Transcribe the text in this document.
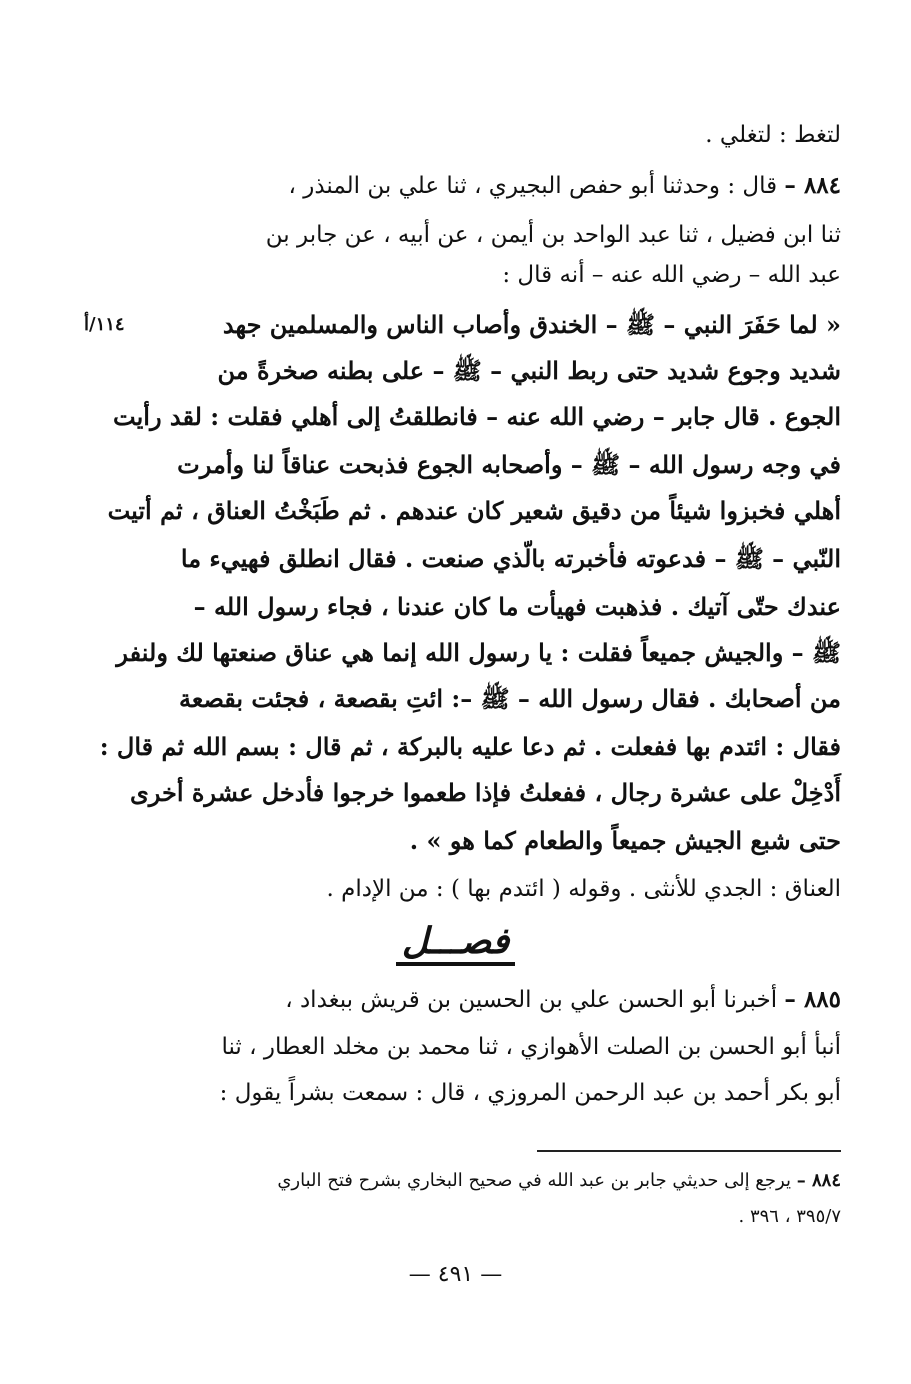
لتغط : لتغلي .
٨٨٤ – قال : وحدثنا أبو حفص البجيري ، ثنا علي بن المنذر ،
ثنا ابن فضيل ، ثنا عبد الواحد بن أيمن ، عن أبيه ، عن جابر بن
عبد الله – رضي الله عنه – أنه قال :
١١٤/أ	« لما حَفَرَ النبي – ﷺ – الخندق وأصاب الناس والمسلمين جهد
شديد وجوع شديد حتى ربط النبي – ﷺ – على بطنه صخرةً من
الجوع . قال جابر – رضي الله عنه – فانطلقتُ إلى أهلي فقلت : لقد رأيت
في وجه رسول الله – ﷺ – وأصحابه الجوع فذبحت عناقاً لنا وأمرت
أهلي فخبزوا شيئاً من دقيق شعير كان عندهم . ثم طَبَخْتُ العناق ، ثم أتيت
النّبي – ﷺ – فدعوته فأخبرته بالّذي صنعت . فقال انطلق فهييء ما
عندك حتّى آتيك . فذهبت فهيأت ما كان عندنا ، فجاء رسول الله –
ﷺ – والجيش جميعاً فقلت : يا رسول الله إنما هي عناق صنعتها لك ولنفر
من أصحابك . فقال رسول الله – ﷺ –: ائتِ بقصعة ، فجئت بقصعة
فقال : ائتدم بها ففعلت . ثم دعا عليه بالبركة ، ثم قال : بسم الله ثم قال :
أَدْخِلْ على عشرة رجال ، ففعلتُ فإذا طعموا خرجوا فأدخل عشرة أخرى
حتى شبع الجيش جميعاً والطعام كما هو » .
العناق : الجدي للأنثى . وقوله ( ائتدم بها ) : من الإدام .
فصـــل
٨٨٥ – أخبرنا أبو الحسن علي بن الحسين بن قريش ببغداد ،
أنبأ أبو الحسن بن الصلت الأهوازي ، ثنا محمد بن مخلد العطار ، ثنا
أبو بكر أحمد بن عبد الرحمن المروزي ، قال : سمعت بشراً يقول :
٨٨٤ – يرجع إلى حديثي جابر بن عبد الله في صحيح البخاري بشرح فتح الباري
٣٩٥/٧ ، ٣٩٦ .
— ٤٩١ —
